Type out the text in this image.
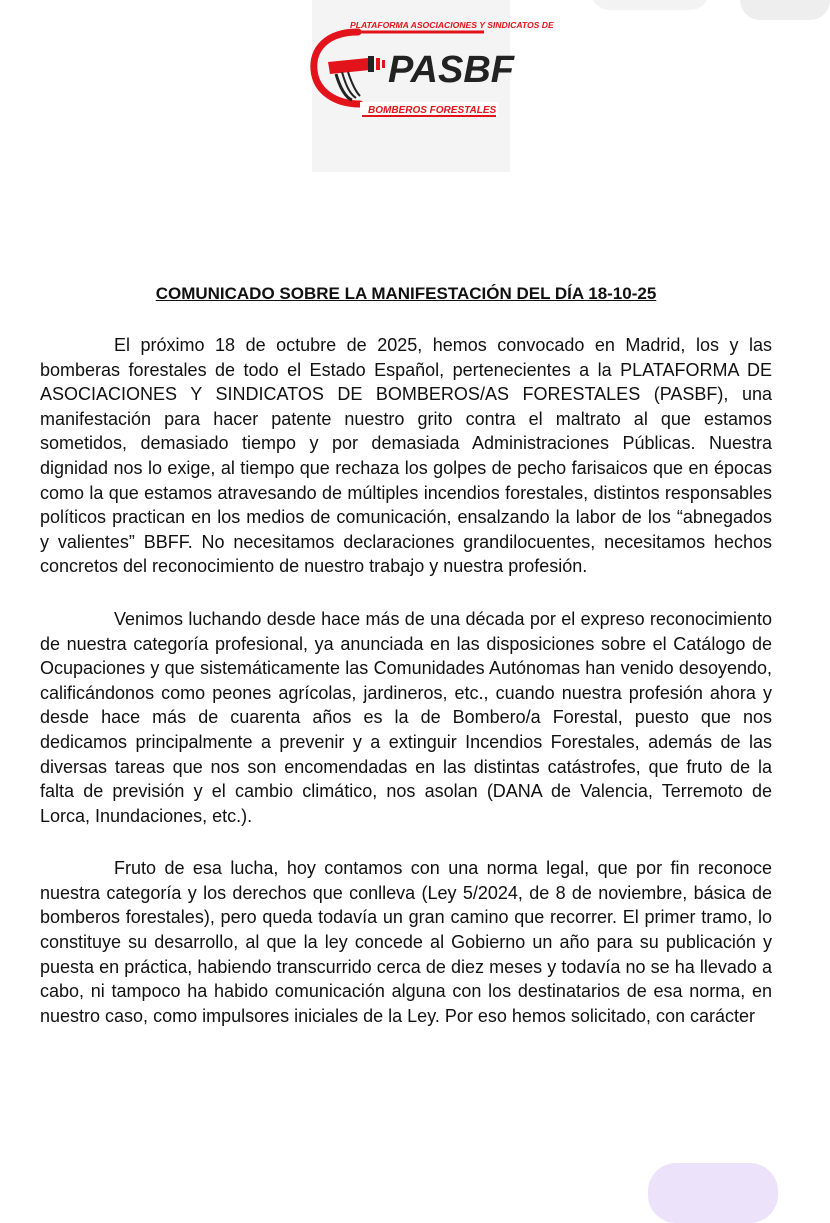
PLATAFORMA ASOCIACIONES Y SINDICATOS DE
PASBF
BOMBEROS FORESTALES
COMUNICADO SOBRE LA MANIFESTACIÓN DEL DÍA 18-10-25

El próximo 18 de octubre de 2025, hemos convocado en Madrid, los y las bomberas forestales de todo el Estado Español, pertenecientes a la PLATAFORMA DE ASOCIACIONES Y SINDICATOS DE BOMBEROS/AS FORESTALES (PASBF), una manifestación para hacer patente nuestro grito contra el maltrato al que estamos sometidos, demasiado tiempo y por demasiada Administraciones Públicas. Nuestra dignidad nos lo exige, al tiempo que rechaza los golpes de pecho farisaicos que en épocas como la que estamos atravesando de múltiples incendios forestales, distintos responsables políticos practican en los medios de comunicación, ensalzando la labor de los “abnegados y valientes” BBFF. No necesitamos declaraciones grandilocuentes, necesitamos hechos concretos del reconocimiento de nuestro trabajo y nuestra profesión.

Venimos luchando desde hace más de una década por el expreso reconocimiento de nuestra categoría profesional, ya anunciada en las disposiciones sobre el Catálogo de Ocupaciones y que sistemáticamente las Comunidades Autónomas han venido desoyendo, calificándonos como peones agrícolas, jardineros, etc., cuando nuestra profesión ahora y desde hace más de cuarenta años es la de Bombero/a Forestal, puesto que nos dedicamos principalmente a prevenir y a extinguir Incendios Forestales, además de las diversas tareas que nos son encomendadas en las distintas catástrofes, que fruto de la falta de previsión y el cambio climático, nos asolan (DANA de Valencia, Terremoto de Lorca, Inundaciones, etc.).

Fruto de esa lucha, hoy contamos con una norma legal, que por fin reconoce nuestra categoría y los derechos que conlleva (Ley 5/2024, de 8 de noviembre, básica de bomberos forestales), pero queda todavía un gran camino que recorrer. El primer tramo, lo constituye su desarrollo, al que la ley concede al Gobierno un año para su publicación y puesta en práctica, habiendo transcurrido cerca de diez meses y todavía no se ha llevado a cabo, ni tampoco ha habido comunicación alguna con los destinatarios de esa norma, en nuestro caso, como impulsores iniciales de la Ley. Por eso hemos solicitado, con carácter
